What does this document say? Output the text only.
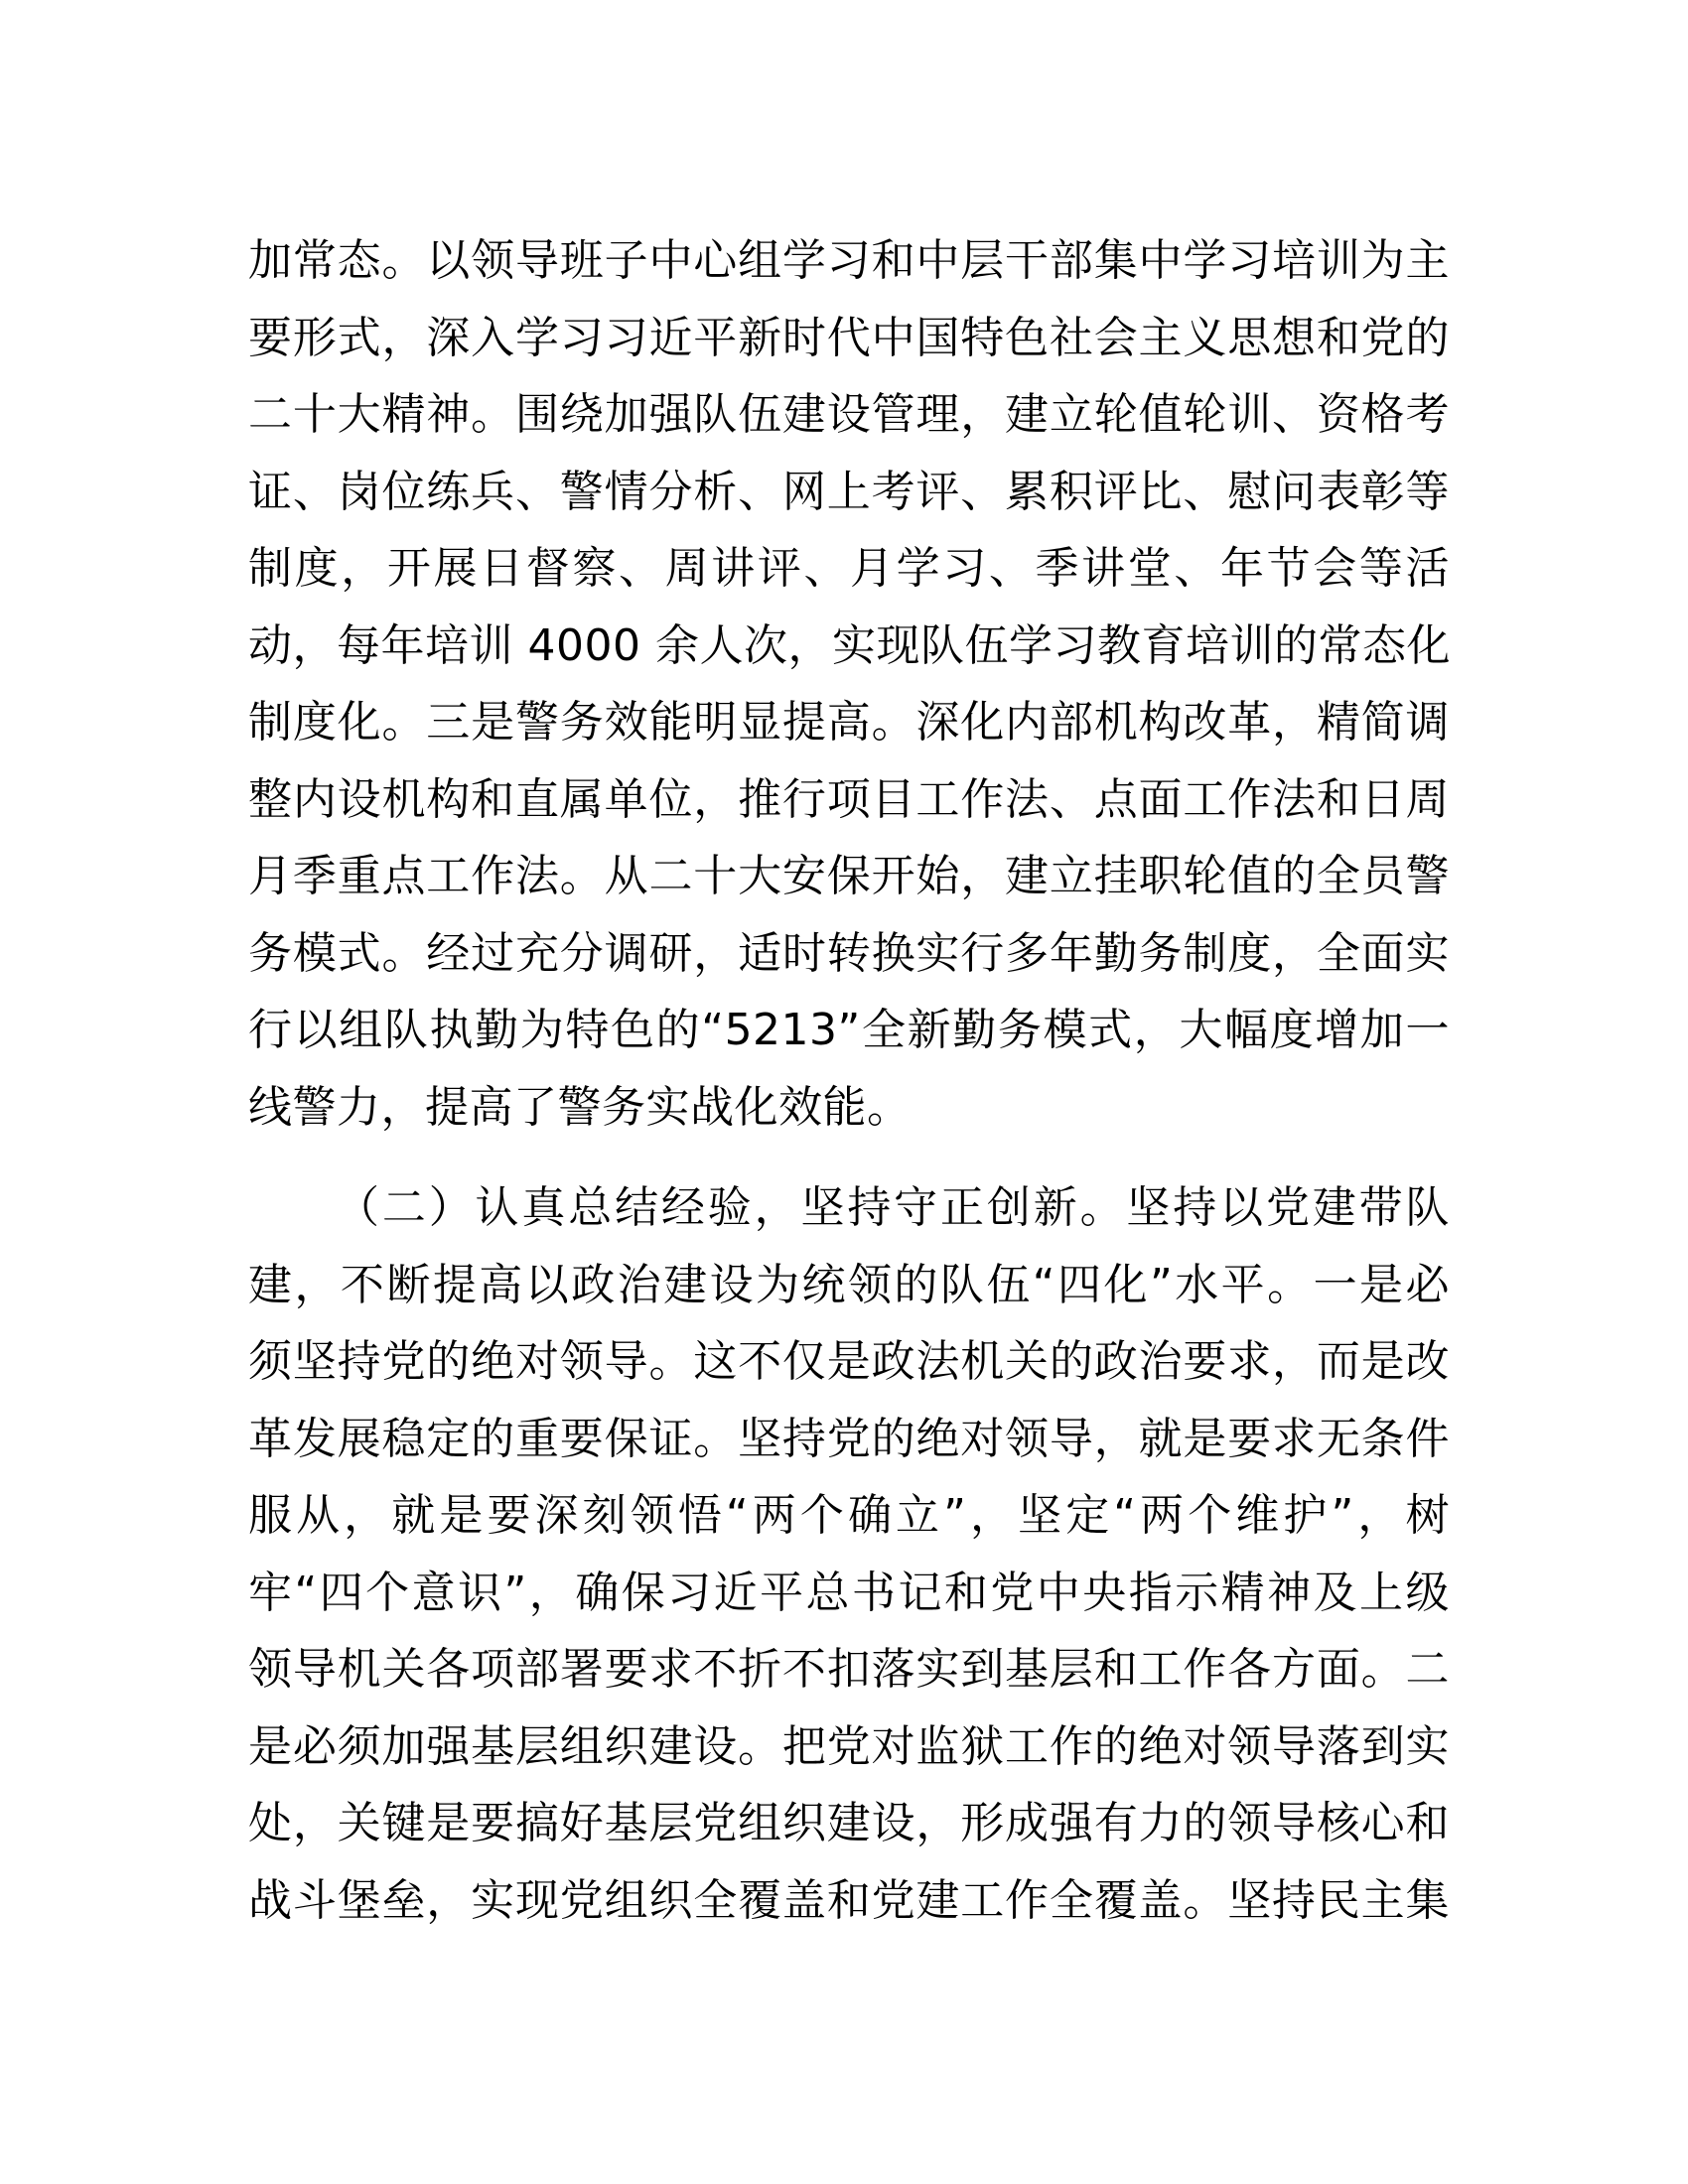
加常态。以领导班子中心组学习和中层干部集中学习培训为主
要形式，深入学习习近平新时代中国特色社会主义思想和党的
二十大精神。围绕加强队伍建设管理，建立轮值轮训、资格考
证、岗位练兵、警情分析、网上考评、累积评比、慰问表彰等
制度，开展日督察、周讲评、月学习、季讲堂、年节会等活
动，每年培训 4000 余人次，实现队伍学习教育培训的常态化
制度化。三是警务效能明显提高。深化内部机构改革，精简调
整内设机构和直属单位，推行项目工作法、点面工作法和日周
月季重点工作法。从二十大安保开始，建立挂职轮值的全员警
务模式。经过充分调研，适时转换实行多年勤务制度，全面实
行以组队执勤为特色的“5213”全新勤务模式，大幅度增加一
线警力，提高了警务实战化效能。
（二）认真总结经验，坚持守正创新。坚持以党建带队
建，不断提高以政治建设为统领的队伍“四化”水平。一是必
须坚持党的绝对领导。这不仅是政法机关的政治要求，而是改
革发展稳定的重要保证。坚持党的绝对领导，就是要求无条件
服从，就是要深刻领悟“两个确立”，坚定“两个维护”，树
牢“四个意识”，确保习近平总书记和党中央指示精神及上级
领导机关各项部署要求不折不扣落实到基层和工作各方面。二
是必须加强基层组织建设。把党对监狱工作的绝对领导落到实
处，关键是要搞好基层党组织建设，形成强有力的领导核心和
战斗堡垒，实现党组织全覆盖和党建工作全覆盖。坚持民主集
